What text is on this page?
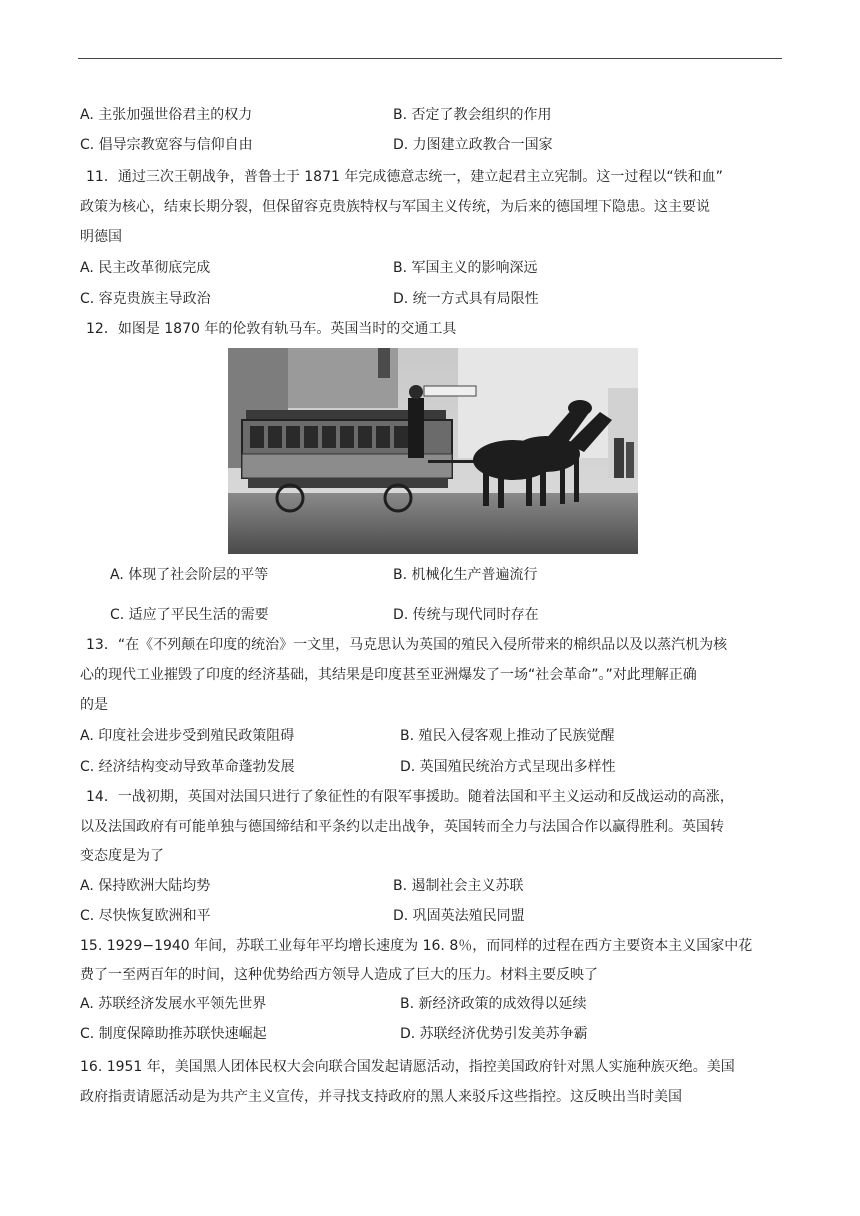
A. 主张加强世俗君主的权力	B. 否定了教会组织的作用
C. 倡导宗教宽容与信仰自由	D. 力图建立政教合一国家
11．通过三次王朝战争，普鲁士于 1871 年完成德意志统一，建立起君主立宪制。这一过程以“铁和血”
政策为核心，结束长期分裂，但保留容克贵族特权与军国主义传统，为后来的德国埋下隐患。这主要说
明德国
A. 民主改革彻底完成	B. 军国主义的影响深远
C. 容克贵族主导政治	D. 统一方式具有局限性
12．如图是 1870 年的伦敦有轨马车。英国当时的交通工具
A. 体现了社会阶层的平等	B. 机械化生产普遍流行
C. 适应了平民生活的需要	D. 传统与现代同时存在
13．“在《不列颠在印度的统治》一文里，马克思认为英国的殖民入侵所带来的棉织品以及以蒸汽机为核
心的现代工业摧毁了印度的经济基础，其结果是印度甚至亚洲爆发了一场“社会革命”。”对此理解正确
的是
A. 印度社会进步受到殖民政策阻碍	B. 殖民入侵客观上推动了民族觉醒
C. 经济结构变动导致革命蓬勃发展	D. 英国殖民统治方式呈现出多样性
14．一战初期，英国对法国只进行了象征性的有限军事援助。随着法国和平主义运动和反战运动的高涨，
以及法国政府有可能单独与德国缔结和平条约以走出战争，英国转而全力与法国合作以赢得胜利。英国转
变态度是为了
A. 保持欧洲大陆均势	B. 遏制社会主义苏联
C. 尽快恢复欧洲和平	D. 巩固英法殖民同盟
15. 1929−1940 年间，苏联工业每年平均增长速度为 16. 8％，而同样的过程在西方主要资本主义国家中花
费了一至两百年的时间，这种优势给西方领导人造成了巨大的压力。材料主要反映了
A. 苏联经济发展水平领先世界	B. 新经济政策的成效得以延续
C. 制度保障助推苏联快速崛起	D. 苏联经济优势引发美苏争霸
16. 1951 年，美国黑人团体民权大会向联合国发起请愿活动，指控美国政府针对黑人实施种族灭绝。美国
政府指责请愿活动是为共产主义宣传，并寻找支持政府的黑人来驳斥这些指控。这反映出当时美国
